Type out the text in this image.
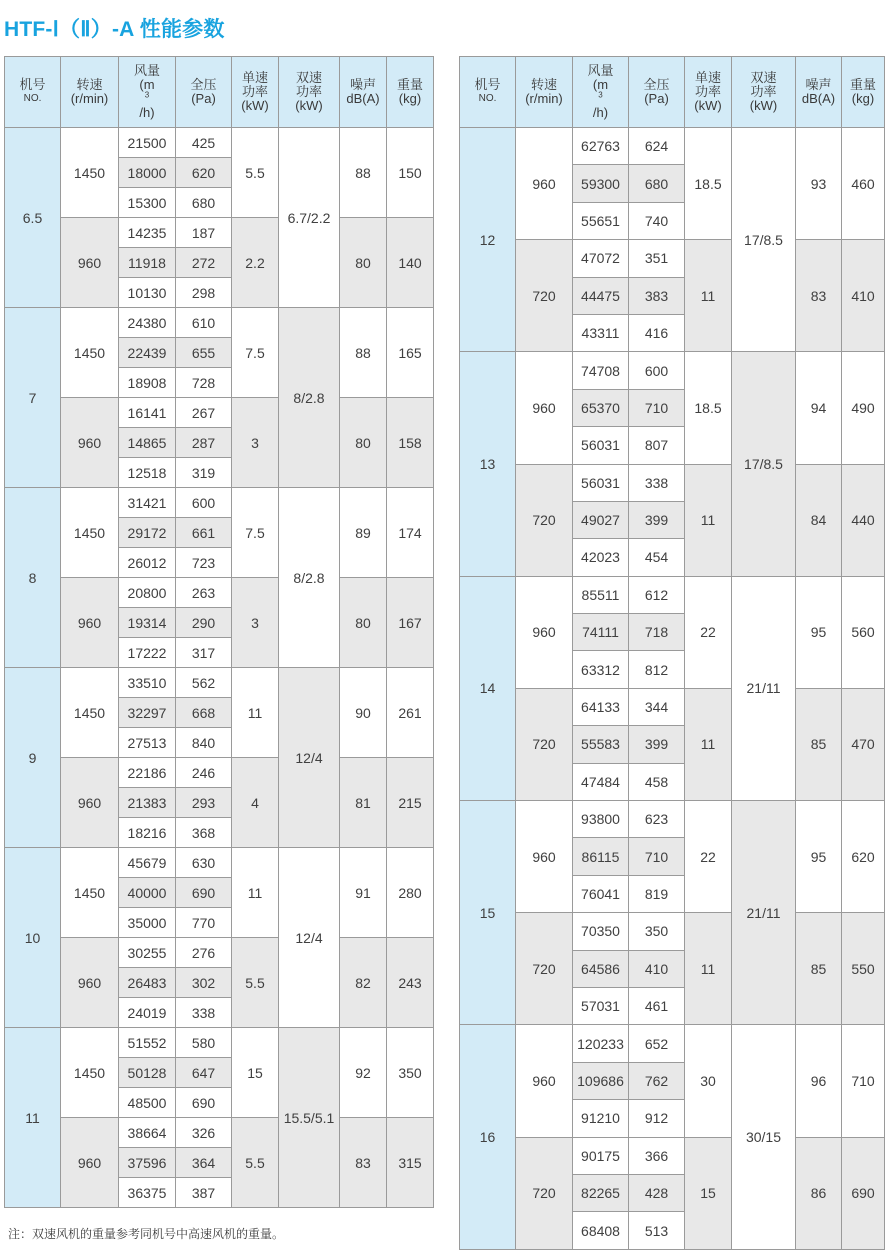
HTF-Ⅰ（Ⅱ）-A 性能参数
机号
NO.	转速
(r/min)	风量
(m
$^3$
/h)	全压
(Pa)	单速
功率
(kW)	双速
功率
(kW)	噪声
dB(A)	重量
(kg)

6.5	1450	21500	425	5.5	6.7/2.2	88	150
		18000	620				
		15300	680				
	960	14235	187	2.2		80	140
		11918	272				
		10130	298				
7	1450	24380	610	7.5	8/2.8	88	165
		22439	655				
		18908	728				
	960	16141	267	3		80	158
		14865	287				
		12518	319				
8	1450	31421	600	7.5	8/2.8	89	174
		29172	661				
		26012	723				
	960	20800	263	3		80	167
		19314	290				
		17222	317				
9	1450	33510	562	11	12/4	90	261
		32297	668				
		27513	840				
	960	22186	246	4		81	215
		21383	293				
		18216	368				
10	1450	45679	630	11	12/4	91	280
		40000	690				
		35000	770				
	960	30255	276	5.5		82	243
		26483	302				
		24019	338				
11	1450	51552	580	15	15.5/5.1	92	350
		50128	647				
		48500	690				
	960	38664	326	5.5		83	315
		37596	364				
		36375	387				
机号
NO.	转速
(r/min)	风量
(m
$^3$
/h)	全压
(Pa)	单速
功率
(kW)	双速
功率
(kW)	噪声
dB(A)	重量
(kg)

12	960	62763	624	18.5	17/8.5	93	460
		59300	680				
		55651	740				
	720	47072	351	11		83	410
		44475	383				
		43311	416				
13	960	74708	600	18.5	17/8.5	94	490
		65370	710				
		56031	807				
	720	56031	338	11		84	440
		49027	399				
		42023	454				
14	960	85511	612	22	21/11	95	560
		74111	718				
		63312	812				
	720	64133	344	11		85	470
		55583	399				
		47484	458				
15	960	93800	623	22	21/11	95	620
		86115	710				
		76041	819				
	720	70350	350	11		85	550
		64586	410				
		57031	461				
16	960	120233	652	30	30/15	96	710
		109686	762				
		91210	912				
	720	90175	366	15		86	690
		82265	428				
		68408	513				
注：双速风机的重量参考同机号中高速风机的重量。
